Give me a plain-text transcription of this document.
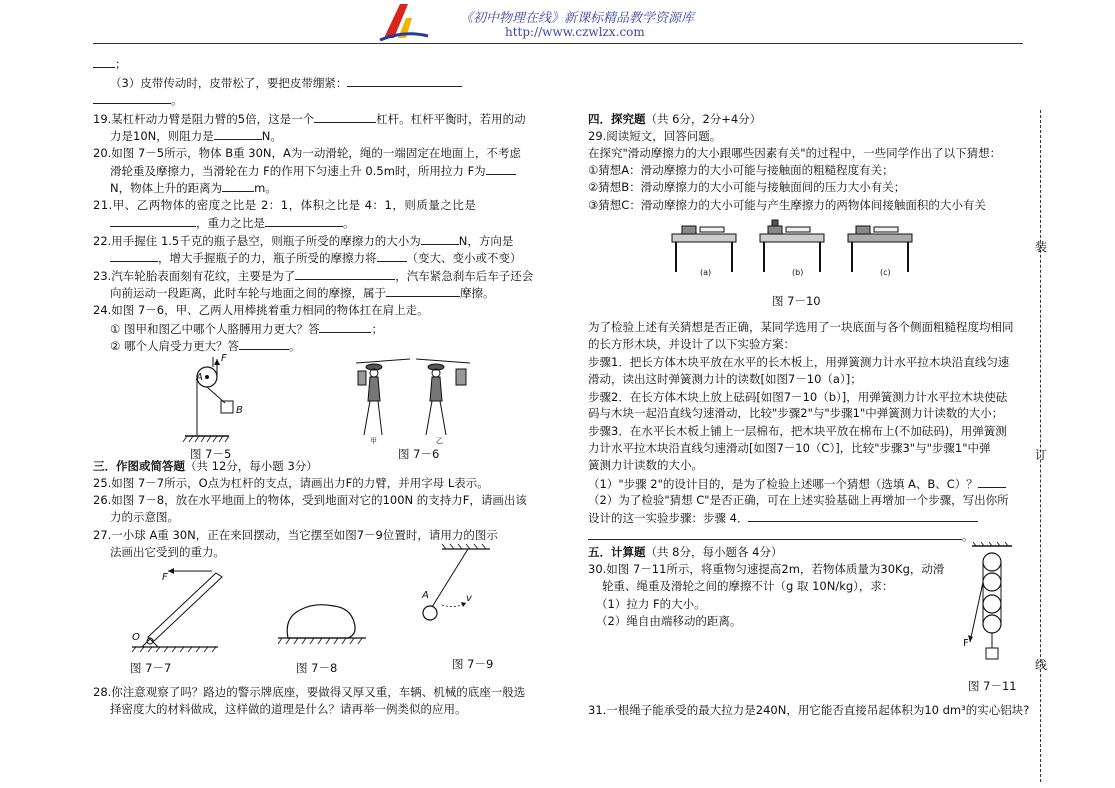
《初中物理在线》新课标精品教学资源库
http://www.czwlzx.com
；
（3）皮带传动时，皮带松了，要把皮带绷紧：
。
19.某杠杆动力臂是阻力臂的5倍，这是一个	杠杆。杠杆平衡时，若用的动
力是10N，则阻力是	N。
20.如图 7－5所示，物体 B重 30N，A为一动滑轮，绳的一端固定在地面上，不考虑
滑轮重及摩擦力，当滑轮在力 F的作用下匀速上升 0.5m时，所用拉力 F为
N，物体上升的距离为	m。
21.甲、乙两物体的密度之比是 2：1，体积之比是 4：1，则质量之比是
，重力之比是	。
22.用手握住 1.5千克的瓶子悬空，则瓶子所受的摩擦力的大小为	N，方向是
，增大手握瓶子的力，瓶子所受的摩擦力将	（变大、变小或不变）
23.汽车轮胎表面刻有花纹，主要是为了	，汽车紧急刹车后车子还会
向前运动一段距离，此时车轮与地面之间的摩擦，属于	摩擦。
24.如图 7－6，甲、乙两人用棒挑着重力相同的物体扛在肩上走。
① 图甲和图乙中哪个人胳膊用力更大？答	；
② 哪个人肩受力更大？答	。
F
A
B
图 7－5
甲	乙
图 7－6
三．作图或简答题（共 12分，每小题 3分）
25.如图 7－7所示，O点为杠杆的支点，请画出力F的力臂，并用字母 L表示。
26.如图 7－8，放在水平地面上的物体，受到地面对它的100N 的支持力F，请画出该
力的示意图。
27.一小球 A重 30N，正在来回摆动，当它摆至如图7－9位置时，请用力的图示
法画出它受到的重力。
F
O
图 7－7	图 7－8
A	v
图 7－9
28.你注意观察了吗？路边的警示牌底座，要做得又厚又重，车辆、机械的底座一般选
择密度大的材料做成，这样做的道理是什么？请再举一例类似的应用。
四．探究题（共 6分，2分+4分）
29.阅读短文，回答问题。
在探究"滑动摩擦力的大小跟哪些因素有关"的过程中，一些同学作出了以下猜想：
①猜想A：滑动摩擦力的大小可能与接触面的粗糙程度有关；
②猜想B：滑动摩擦力的大小可能与接触面间的压力大小有关；
③猜想C：滑动摩擦力的大小可能与产生摩擦力的两物体间接触面积的大小有关
(a)	(b)	(c)
图 7－10
为了检验上述有关猜想是否正确，某同学选用了一块底面与各个侧面粗糙程度均相同
的长方形木块，并设计了以下实验方案：
步骤1．把长方体木块平放在水平的长木板上，用弹簧测力计水平拉木块沿直线匀速
滑动，读出这时弹簧测力计的读数[如图7－10（a）]；
步骤2．在长方体木块上放上砝码[如图7－10（b）]，用弹簧测力计水平拉木块使砝
码与木块一起沿直线匀速滑动，比较"步骤2"与"步骤1"中弹簧测力计读数的大小；
步骤3．在水平长木板上铺上一层棉布，把木块平放在棉布上(不加砝码)，用弹簧测
力计水平拉木块沿直线匀速滑动[如图7－10（C）]，比较"步骤3"与"步骤1"中弹
簧测力计读数的大小。
（1）"步骤 2"的设计目的，是为了检验上述哪一个猜想（选填 A、B、C）？
（2）为了检验"猜想 C"是否正确，可在上述实验基础上再增加一个步骤，写出你所
设计的这一实验步骤：步骤 4．
。
五．计算题（共 8分，每小题各 4分）
30.如图 7－11所示，将重物匀速提高2m，若物体质量为30Kg，动滑
轮重、绳重及滑轮之间的摩擦不计（g 取 10N/kg），求：
（1）拉力 F的大小。
（2）绳自由端移动的距离。
F
图 7－11
31.一根绳子能承受的最大拉力是240N，用它能否直接吊起体积为10 dm³的实心铝块?
装
订
线
